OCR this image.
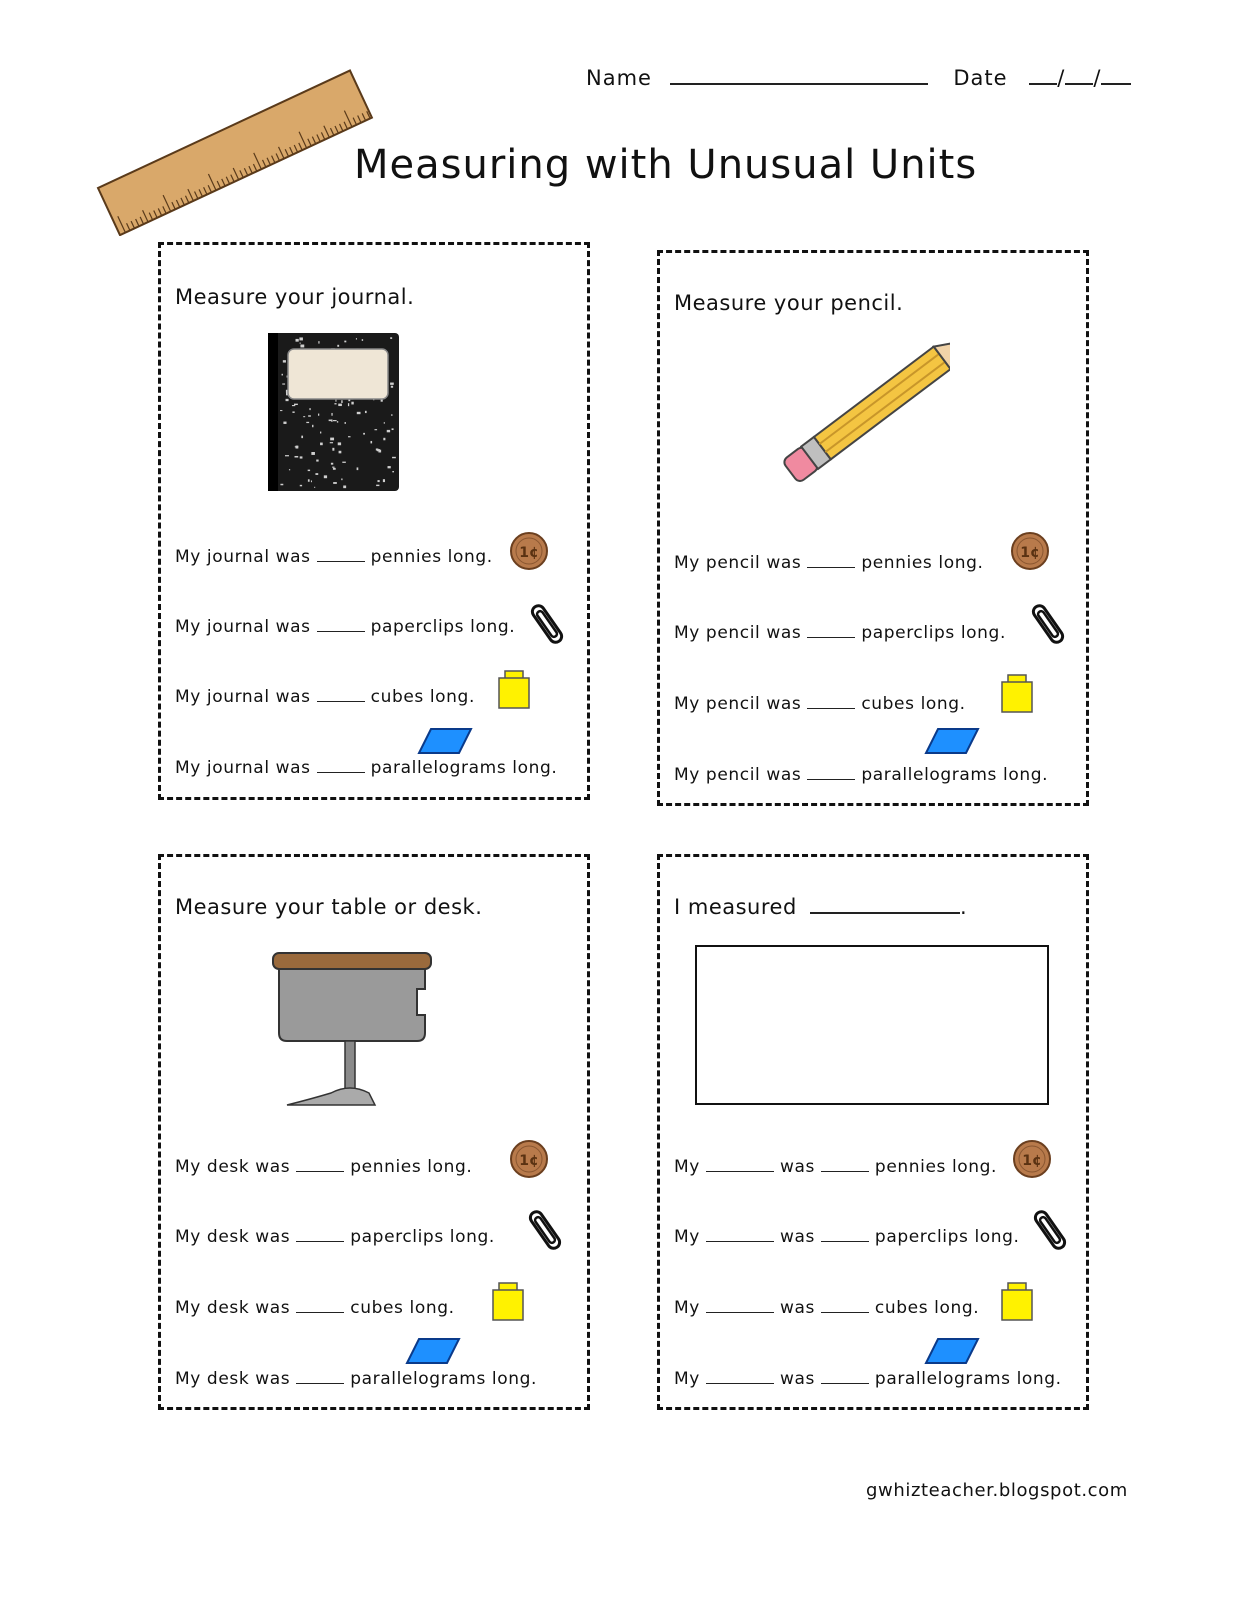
Name	Date / /
Measuring with Unusual Units
Measure your journal.
My journal was	pennies long.
My journal was	paperclips long.
My journal was	cubes long.
My journal was	parallelograms long.
1¢
Measure your pencil.
My pencil was	pennies long.
My pencil was	paperclips long.
My pencil was	cubes long.
My pencil was	parallelograms long.
1¢
Measure your table or desk.
My desk was	pennies long.
My desk was	paperclips long.
My desk was	cubes long.
My desk was	parallelograms long.
1¢
I measured	.
My	was	pennies long.
My	was	paperclips long.
My	was	cubes long.
My	was	parallelograms long.
1¢
gwhizteacher.blogspot.com
